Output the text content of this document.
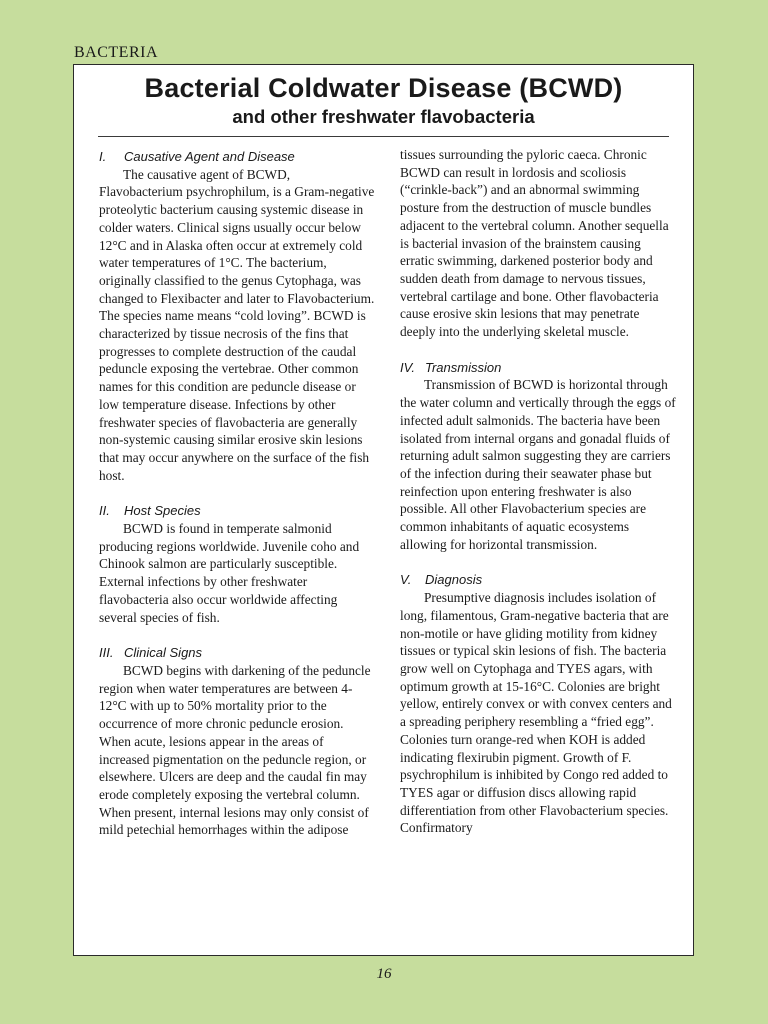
BACTERIA
Bacterial Coldwater Disease (BCWD)
and other freshwater flavobacteria
I. Causative Agent and Disease

The causative agent of BCWD, Flavobacterium psychrophilum, is a Gram-negative proteolytic bacterium causing systemic disease in colder waters. Clinical signs usually occur below 12°C and in Alaska often occur at extremely cold water temperatures of 1°C. The bacterium, originally classified to the genus Cytophaga, was changed to Flexibacter and later to Flavobacterium. The species name means “cold loving”. BCWD is characterized by tissue necrosis of the fins that progresses to complete destruction of the caudal peduncle exposing the vertebrae. Other common names for this condition are peduncle disease or low temperature disease. Infections by other freshwater species of flavobacteria are generally non-systemic causing similar erosive skin lesions that may occur anywhere on the surface of the fish host.

II. Host Species

BCWD is found in temperate salmonid producing regions worldwide. Juvenile coho and Chinook salmon are particularly susceptible. External infections by other freshwater flavobacteria also occur worldwide affecting several species of fish.

III. Clinical Signs

BCWD begins with darkening of the peduncle region when water temperatures are between 4-12°C with up to 50% mortality prior to the occurrence of more chronic peduncle erosion. When acute, lesions appear in the areas of increased pigmentation on the peduncle region, or elsewhere. Ulcers are deep and the caudal fin may erode completely exposing the vertebral column. When present, internal lesions may only consist of mild petechial hemorrhages within the adipose

tissues surrounding the pyloric caeca. Chronic BCWD can result in lordosis and scoliosis (“crinkle-back”) and an abnormal swimming posture from the destruction of muscle bundles adjacent to the vertebral column. Another sequella is bacterial invasion of the brainstem causing erratic swimming, darkened posterior body and sudden death from damage to nervous tissues, vertebral cartilage and bone. Other flavobacteria cause erosive skin lesions that may penetrate deeply into the underlying skeletal muscle.

IV. Transmission

Transmission of BCWD is horizontal through the water column and vertically through the eggs of infected adult salmonids. The bacteria have been isolated from internal organs and gonadal fluids of returning adult salmon suggesting they are carriers of the infection during their seawater phase but reinfection upon entering freshwater is also possible. All other Flavobacterium species are common inhabitants of aquatic ecosystems allowing for horizontal transmission.

V. Diagnosis

Presumptive diagnosis includes isolation of long, filamentous, Gram-negative bacteria that are non-motile or have gliding motility from kidney tissues or typical skin lesions of fish. The bacteria grow well on Cytophaga and TYES agars, with optimum growth at 15-16°C. Colonies are bright yellow, entirely convex or with convex centers and a spreading periphery resembling a “fried egg”. Colonies turn orange-red when KOH is added indicating flexirubin pigment. Growth of F. psychrophilum is inhibited by Congo red added to TYES agar or diffusion discs allowing rapid differentiation from other Flavobacterium species. Confirmatory

16
